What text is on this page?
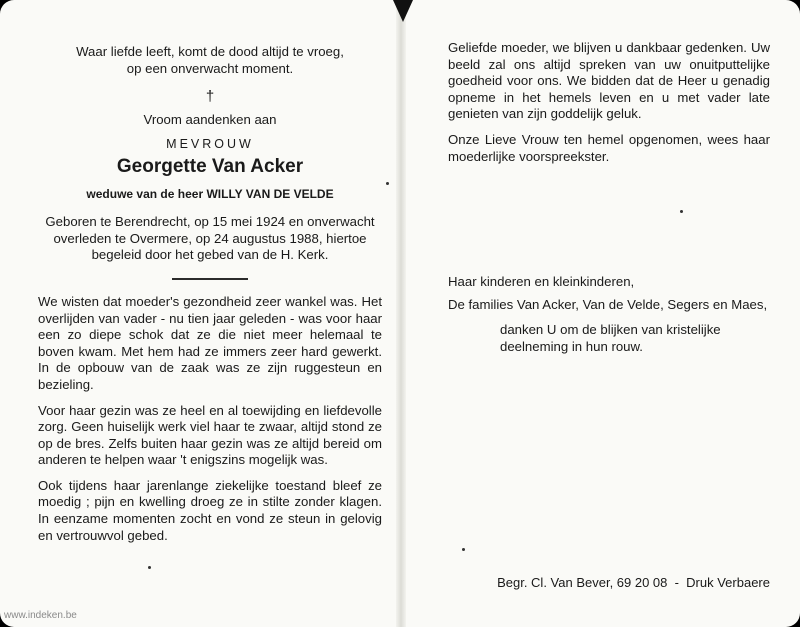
Waar liefde leeft, komt de dood altijd te vroeg,

op een onverwacht moment.

†

Vroom aandenken aan

MEVROUW

Georgette Van Acker

weduwe van de heer WILLY VAN DE VELDE

Geboren te Berendrecht, op 15 mei 1924 en onverwacht overleden te Overmere, op 24 augustus 1988, hiertoe begeleid door het gebed van de H. Kerk.

We wisten dat moeder's gezondheid zeer wankel was. Het overlijden van vader - nu tien jaar geleden - was voor haar een zo diepe schok dat ze die niet meer helemaal te boven kwam. Met hem had ze immers zeer hard gewerkt. In de opbouw van de zaak was ze zijn ruggesteun en bezieling.

Voor haar gezin was ze heel en al toewijding en liefdevolle zorg. Geen huiselijk werk viel haar te zwaar, altijd stond ze op de bres. Zelfs buiten haar gezin was ze altijd bereid om anderen te helpen waar 't enigszins mogelijk was.

Ook tijdens haar jarenlange ziekelijke toestand bleef ze moedig ; pijn en kwelling droeg ze in stilte zonder klagen. In eenzame momenten zocht en vond ze steun in gelovig en vertrouwvol gebed.

Geliefde moeder, we blijven u dankbaar gedenken. Uw beeld zal ons altijd spreken van uw onuitputtelijke goedheid voor ons. We bidden dat de Heer u genadig opneme in het hemels leven en u met vader late genieten van zijn goddelijk geluk.

Onze Lieve Vrouw ten hemel opgenomen, wees haar moederlijke voorspreekster.

Haar kinderen en kleinkinderen,

De families Van Acker, Van de Velde, Segers en Maes,

danken U om de blijken van kristelijke deelneming in hun rouw.

Begr. Cl. Van Bever, 69 20 08  -  Druk Verbaere
www.indeken.be
